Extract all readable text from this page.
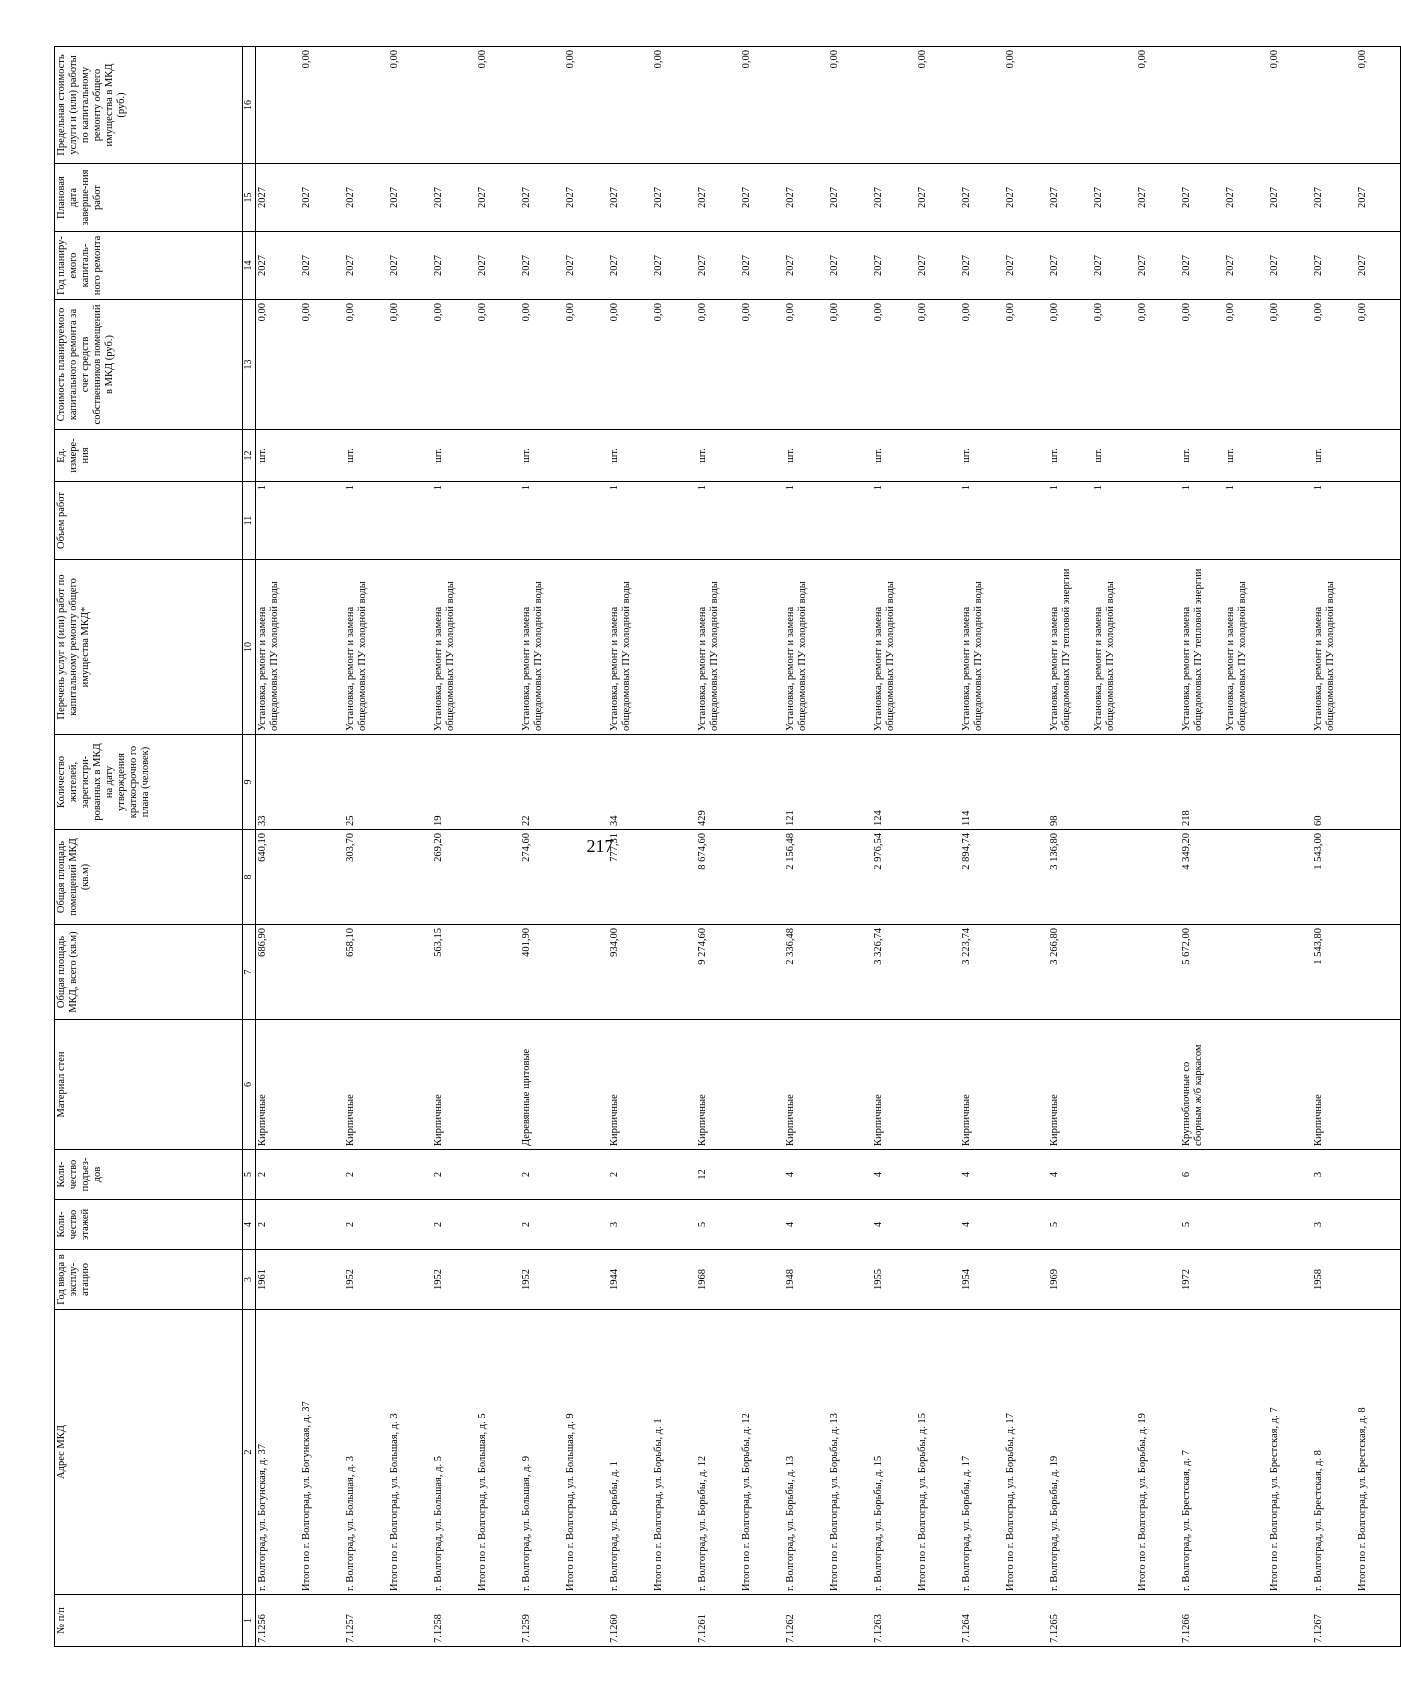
217
№ п/п	Адрес МКД	Год ввода в эксплу-атацию	Коли-чество этажей	Коли-чество подъез-дов	Материал стен	Общая площадь МКД, всего (кв.м)	Общая площадь помещений МКД (кв.м)	Количество жителей, зарегистри-рованных в МКД на дату утверждения краткосрочно го плана (человек)	Перечень услуг и (или) работ по капитальному ремонту общего имущества МКД*	Объем работ	Ед. измере-ния	Стоимость планируемого капитального ремонта за счет средств собственников помещений в МКД (руб.)	Год планиру-емого капиталь-ного ремонта	Плановая дата заверше-ния работ	Предельная стоимость услуги и (или) работы по капитальному ремонту общего имущества в МКД (руб.)
1	2	3	4	5	6	7	8	9	10	11	12	13	14	15	16
7.1256	г. Волгоград, ул. Богунская, д. 37	1961	2	2	Кирпичные	686,90	640,10	33	Установка, ремонт и замена общедомовых ПУ холодной воды	1	шт.	0,00	2027	2027	
	Итого по г. Волгоград, ул. Богунская, д. 37											0,00	2027	2027	0,00
7.1257	г. Волгоград, ул. Большая, д. 3	1952	2	2	Кирпичные	658,10	303,70	25	Установка, ремонт и замена общедомовых ПУ холодной воды	1	шт.	0,00	2027	2027	
	Итого по г. Волгоград, ул. Большая, д. 3											0,00	2027	2027	0,00
7.1258	г. Волгоград, ул. Большая, д. 5	1952	2	2	Кирпичные	563,15	269,20	19	Установка, ремонт и замена общедомовых ПУ холодной воды	1	шт.	0,00	2027	2027	
	Итого по г. Волгоград, ул. Большая, д. 5											0,00	2027	2027	0,00
7.1259	г. Волгоград, ул. Большая, д. 9	1952	2	2	Деревянные щитовые	401,90	274,60	22	Установка, ремонт и замена общедомовых ПУ холодной воды	1	шт.	0,00	2027	2027	
	Итого по г. Волгоград, ул. Большая, д. 9											0,00	2027	2027	0,00
7.1260	г. Волгоград, ул. Борьбы, д. 1	1944	3	2	Кирпичные	934,00	777,31	34	Установка, ремонт и замена общедомовых ПУ холодной воды	1	шт.	0,00	2027	2027	
	Итого по г. Волгоград, ул. Борьбы, д. 1											0,00	2027	2027	0,00
7.1261	г. Волгоград, ул. Борьбы, д. 12	1968	5	12	Кирпичные	9 274,60	8 674,60	429	Установка, ремонт и замена общедомовых ПУ холодной воды	1	шт.	0,00	2027	2027	
	Итого по г. Волгоград, ул. Борьбы, д. 12											0,00	2027	2027	0,00
7.1262	г. Волгоград, ул. Борьбы, д. 13	1948	4	4	Кирпичные	2 336,48	2 156,48	121	Установка, ремонт и замена общедомовых ПУ холодной воды	1	шт.	0,00	2027	2027	
	Итого по г. Волгоград, ул. Борьбы, д. 13											0,00	2027	2027	0,00
7.1263	г. Волгоград, ул. Борьбы, д. 15	1955	4	4	Кирпичные	3 326,74	2 976,54	124	Установка, ремонт и замена общедомовых ПУ холодной воды	1	шт.	0,00	2027	2027	
	Итого по г. Волгоград, ул. Борьбы, д. 15											0,00	2027	2027	0,00
7.1264	г. Волгоград, ул. Борьбы, д. 17	1954	4	4	Кирпичные	3 223,74	2 894,74	114	Установка, ремонт и замена общедомовых ПУ холодной воды	1	шт.	0,00	2027	2027	
	Итого по г. Волгоград, ул. Борьбы, д. 17											0,00	2027	2027	0,00
7.1265	г. Волгоград, ул. Борьбы, д. 19	1969	5	4	Кирпичные	3 266,80	3 136,80	98	Установка, ремонт и замена общедомовых ПУ тепловой энергии	1	шт.	0,00	2027	2027	
									Установка, ремонт и замена общедомовых ПУ холодной воды	1	шт.	0,00	2027	2027	
	Итого по г. Волгоград, ул. Борьбы, д. 19											0,00	2027	2027	0,00
7.1266	г. Волгоград, ул. Брестская, д. 7	1972	5	6	Крупноблочные со сборным ж/б каркасом	5 672,00	4 349,20	218	Установка, ремонт и замена общедомовых ПУ тепловой энергии	1	шт.	0,00	2027	2027	
									Установка, ремонт и замена общедомовых ПУ холодной воды	1	шт.	0,00	2027	2027	
	Итого по г. Волгоград, ул. Брестская, д. 7											0,00	2027	2027	0,00
7.1267	г. Волгоград, ул. Брестская, д. 8	1958	3	3	Кирпичные	1 543,80	1 543,00	60	Установка, ремонт и замена общедомовых ПУ холодной воды	1	шт.	0,00	2027	2027	
	Итого по г. Волгоград, ул. Брестская, д. 8											0,00	2027	2027	0,00
